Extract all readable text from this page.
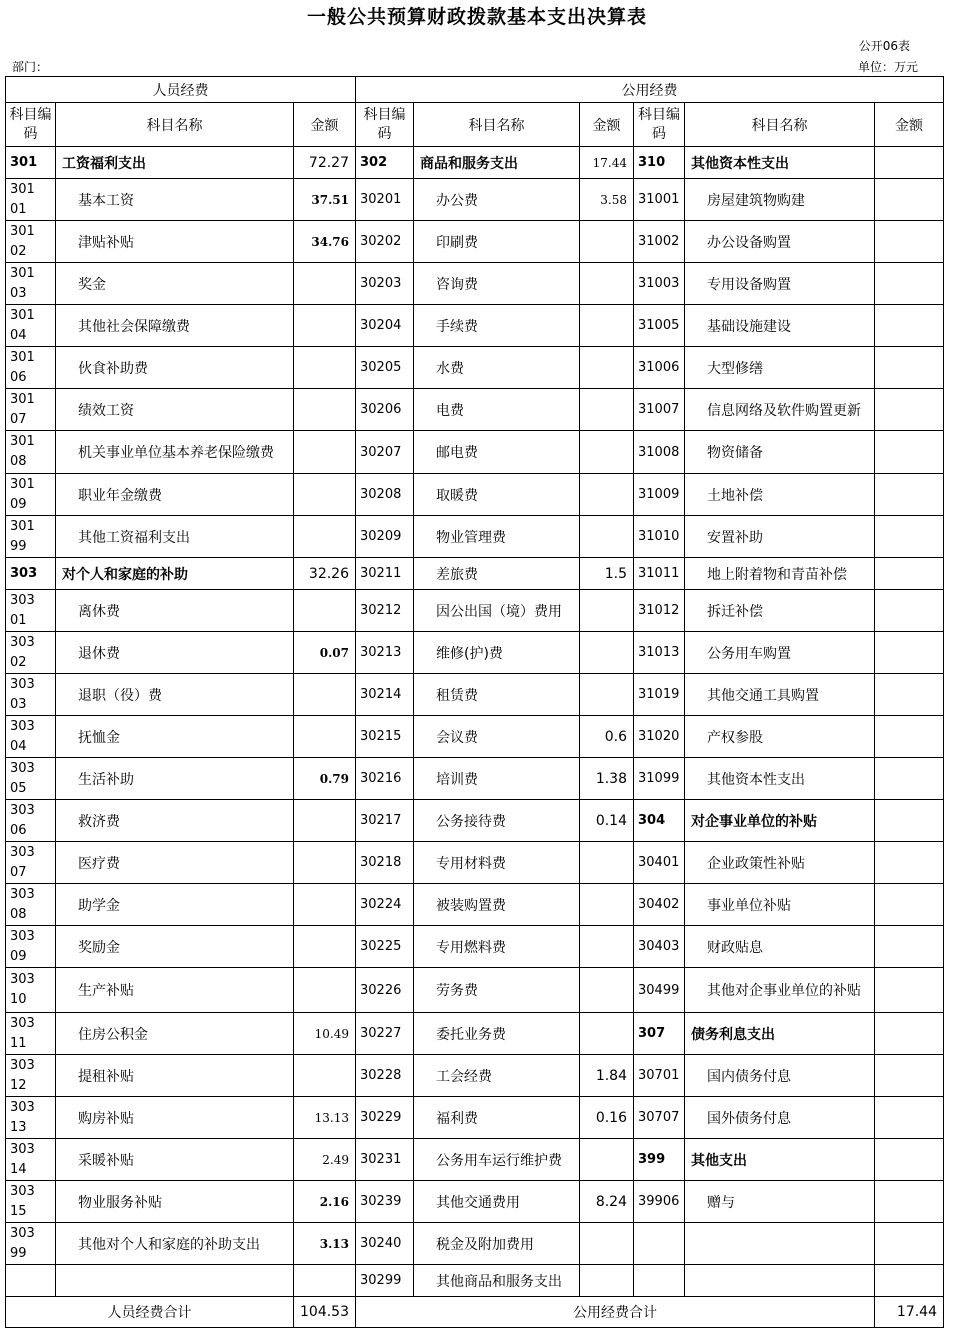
一般公共预算财政拨款基本支出决算表
公开06表
部门：	单位：万元
人员经费			公用经费					
科目编码	科目名称	金额	科目编码	科目名称	金额	科目编码	科目名称	金额
301	工资福利支出	72.27	302	商品和服务支出	17.44	310	其他资本性支出	
30101	基本工资	37.51	30201	办公费	3.58	31001	房屋建筑物购建	
30102	津贴补贴	34.76	30202	印刷费		31002	办公设备购置	
30103	奖金		30203	咨询费		31003	专用设备购置	
30104	其他社会保障缴费		30204	手续费		31005	基础设施建设	
30106	伙食补助费		30205	水费		31006	大型修缮	
30107	绩效工资		30206	电费		31007	信息网络及软件购置更新	
30108	机关事业单位基本养老保险缴费		30207	邮电费		31008	物资储备	
30109	职业年金缴费		30208	取暖费		31009	土地补偿	
30199	其他工资福利支出		30209	物业管理费		31010	安置补助	
303	对个人和家庭的补助	32.26	30211	差旅费	1.5	31011	地上附着物和青苗补偿	
30301	离休费		30212	因公出国（境）费用		31012	拆迁补偿	
30302	退休费	0.07	30213	维修(护)费		31013	公务用车购置	
30303	退职（役）费		30214	租赁费		31019	其他交通工具购置	
30304	抚恤金		30215	会议费	0.6	31020	产权参股	
30305	生活补助	0.79	30216	培训费	1.38	31099	其他资本性支出	
30306	救济费		30217	公务接待费	0.14	304	对企事业单位的补贴	
30307	医疗费		30218	专用材料费		30401	企业政策性补贴	
30308	助学金		30224	被装购置费		30402	事业单位补贴	
30309	奖励金		30225	专用燃料费		30403	财政贴息	
30310	生产补贴		30226	劳务费		30499	其他对企事业单位的补贴	
30311	住房公积金	10.49	30227	委托业务费		307	债务利息支出	
30312	提租补贴		30228	工会经费	1.84	30701	国内债务付息	
30313	购房补贴	13.13	30229	福利费	0.16	30707	国外债务付息	
30314	采暖补贴	2.49	30231	公务用车运行维护费		399	其他支出	
30315	物业服务补贴	2.16	30239	其他交通费用	8.24	39906	赠与	
30399	其他对个人和家庭的补助支出	3.13	30240	税金及附加费用				
			30299	其他商品和服务支出				
人员经费合计		104.53	公用经费合计					17.44
